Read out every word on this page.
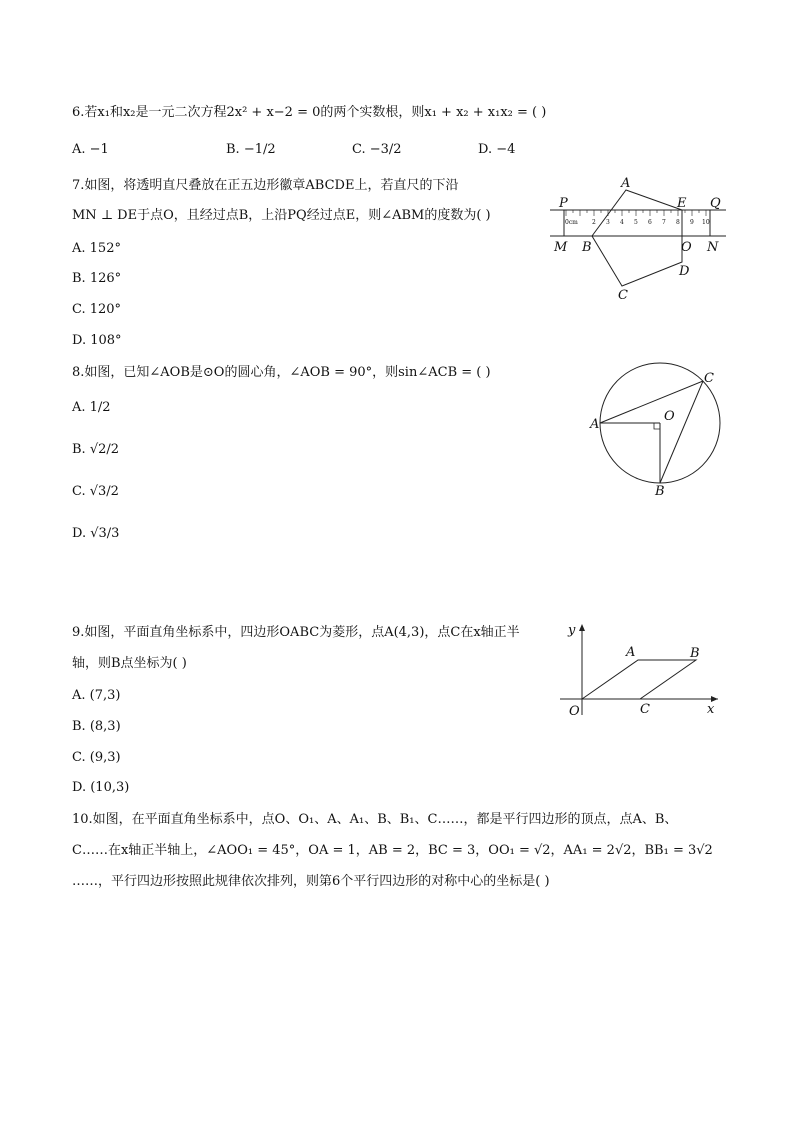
6.若x₁和x₂是一元二次方程2x² + x−2 = 0的两个实数根，则x₁ + x₂ + x₁x₂ = ( )
A. −1	B. −1/2	C. −3/2	D. −4
7.如图，将透明直尺叠放在正五边形徽章ABCDE上，若直尺的下沿
MN ⊥ DE于点O，且经过点B，上沿PQ经过点E，则∠ABM的度数为( )
A. 152°
B. 126°
C. 120°
D. 108°
0cm 2 3 4 5 6 7 8 9 10
A
B
C
D
E
O
P	Q
M	N
8.如图，已知∠AOB是⊙O的圆心角，∠AOB = 90°，则sin∠ACB = ( )
A. 1/2
B. √2/2
C. √3/2
D. √3/3
A
B
C
O
9.如图，平面直角坐标系中，四边形OABC为菱形，点A(4,3)，点C在x轴正半
轴，则B点坐标为( )
A. (7,3)
B. (8,3)
C. (9,3)
D. (10,3)
x
y
O
A	B
C
10.如图，在平面直角坐标系中，点O、O₁、A、A₁、B、B₁、C……，都是平行四边形的顶点，点A、B、
C……在x轴正半轴上，∠AOO₁ = 45°，OA = 1，AB = 2，BC = 3，OO₁ = √2，AA₁ = 2√2，BB₁ = 3√2
……，平行四边形按照此规律依次排列，则第6个平行四边形的对称中心的坐标是( )
